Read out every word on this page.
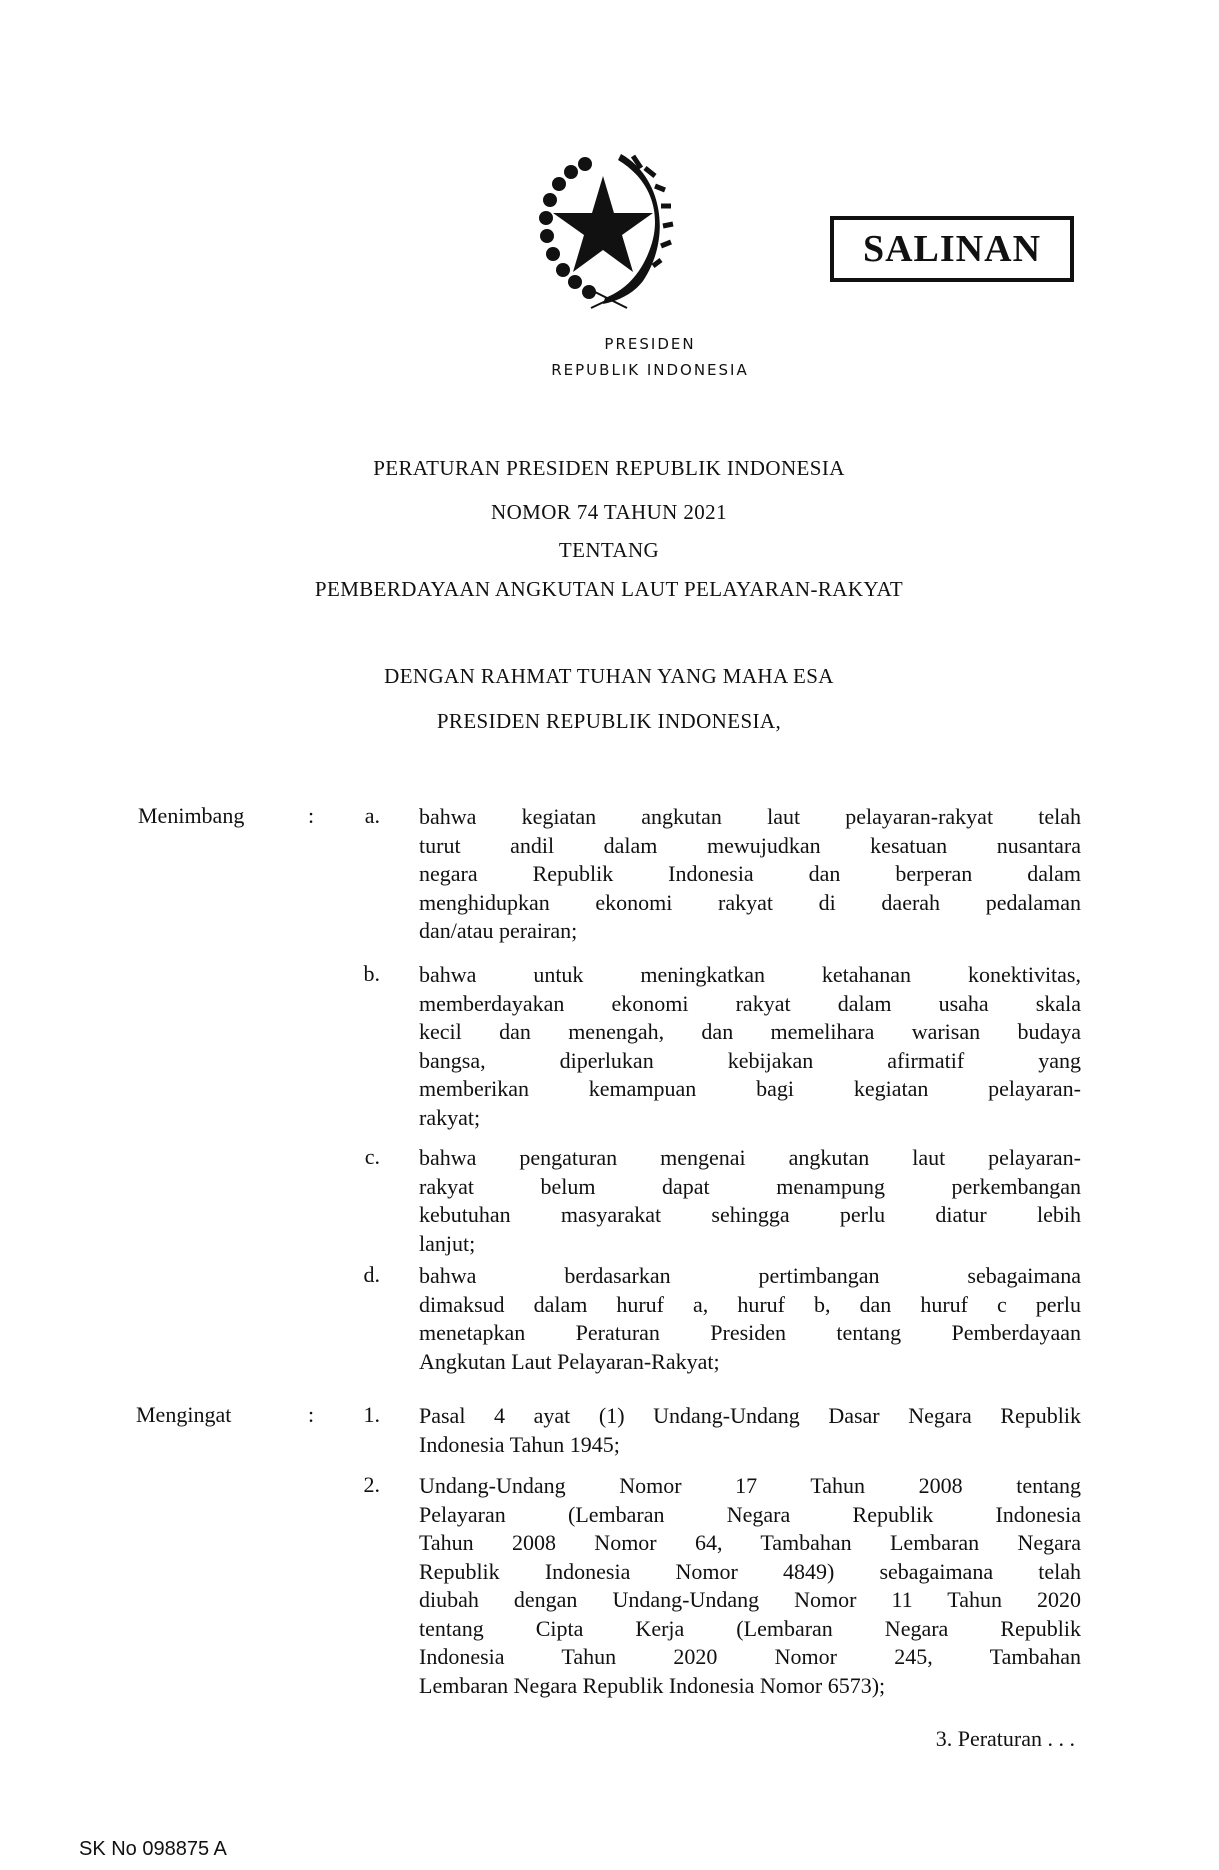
SALINAN
PRESIDEN
REPUBLIK INDONESIA
PERATURAN PRESIDEN REPUBLIK INDONESIA
NOMOR 74 TAHUN 2021
TENTANG
PEMBERDAYAAN ANGKUTAN LAUT PELAYARAN-RAKYAT
DENGAN RAHMAT TUHAN YANG MAHA ESA
PRESIDEN REPUBLIK INDONESIA,
Menimbang	:	a. bahwa kegiatan angkutan laut pelayaran-rakyat telah
turut andil dalam mewujudkan kesatuan nusantara
negara Republik Indonesia dan berperan dalam
menghidupkan ekonomi rakyat di daerah pedalaman
dan/atau perairan;
b. bahwa untuk meningkatkan ketahanan konektivitas,
memberdayakan ekonomi rakyat dalam usaha skala
kecil dan menengah, dan memelihara warisan budaya
bangsa, diperlukan kebijakan afirmatif yang
memberikan kemampuan bagi kegiatan pelayaran-
rakyat;
c. bahwa pengaturan mengenai angkutan laut pelayaran-
rakyat belum dapat menampung perkembangan
kebutuhan masyarakat sehingga perlu diatur lebih
lanjut;
d. bahwa berdasarkan pertimbangan sebagaimana
dimaksud dalam huruf a, huruf b, dan huruf c perlu
menetapkan Peraturan Presiden tentang Pemberdayaan
Angkutan Laut Pelayaran-Rakyat;
Mengingat	:	1. Pasal 4 ayat (1) Undang-Undang Dasar Negara Republik
Indonesia Tahun 1945;
2. Undang-Undang Nomor 17 Tahun 2008 tentang
Pelayaran (Lembaran Negara Republik Indonesia
Tahun 2008 Nomor 64, Tambahan Lembaran Negara
Republik Indonesia Nomor 4849) sebagaimana telah
diubah dengan Undang-Undang Nomor 11 Tahun 2020
tentang Cipta Kerja (Lembaran Negara Republik
Indonesia Tahun 2020 Nomor 245, Tambahan
Lembaran Negara Republik Indonesia Nomor 6573);
3. Peraturan . . .
SK No 098875 A
